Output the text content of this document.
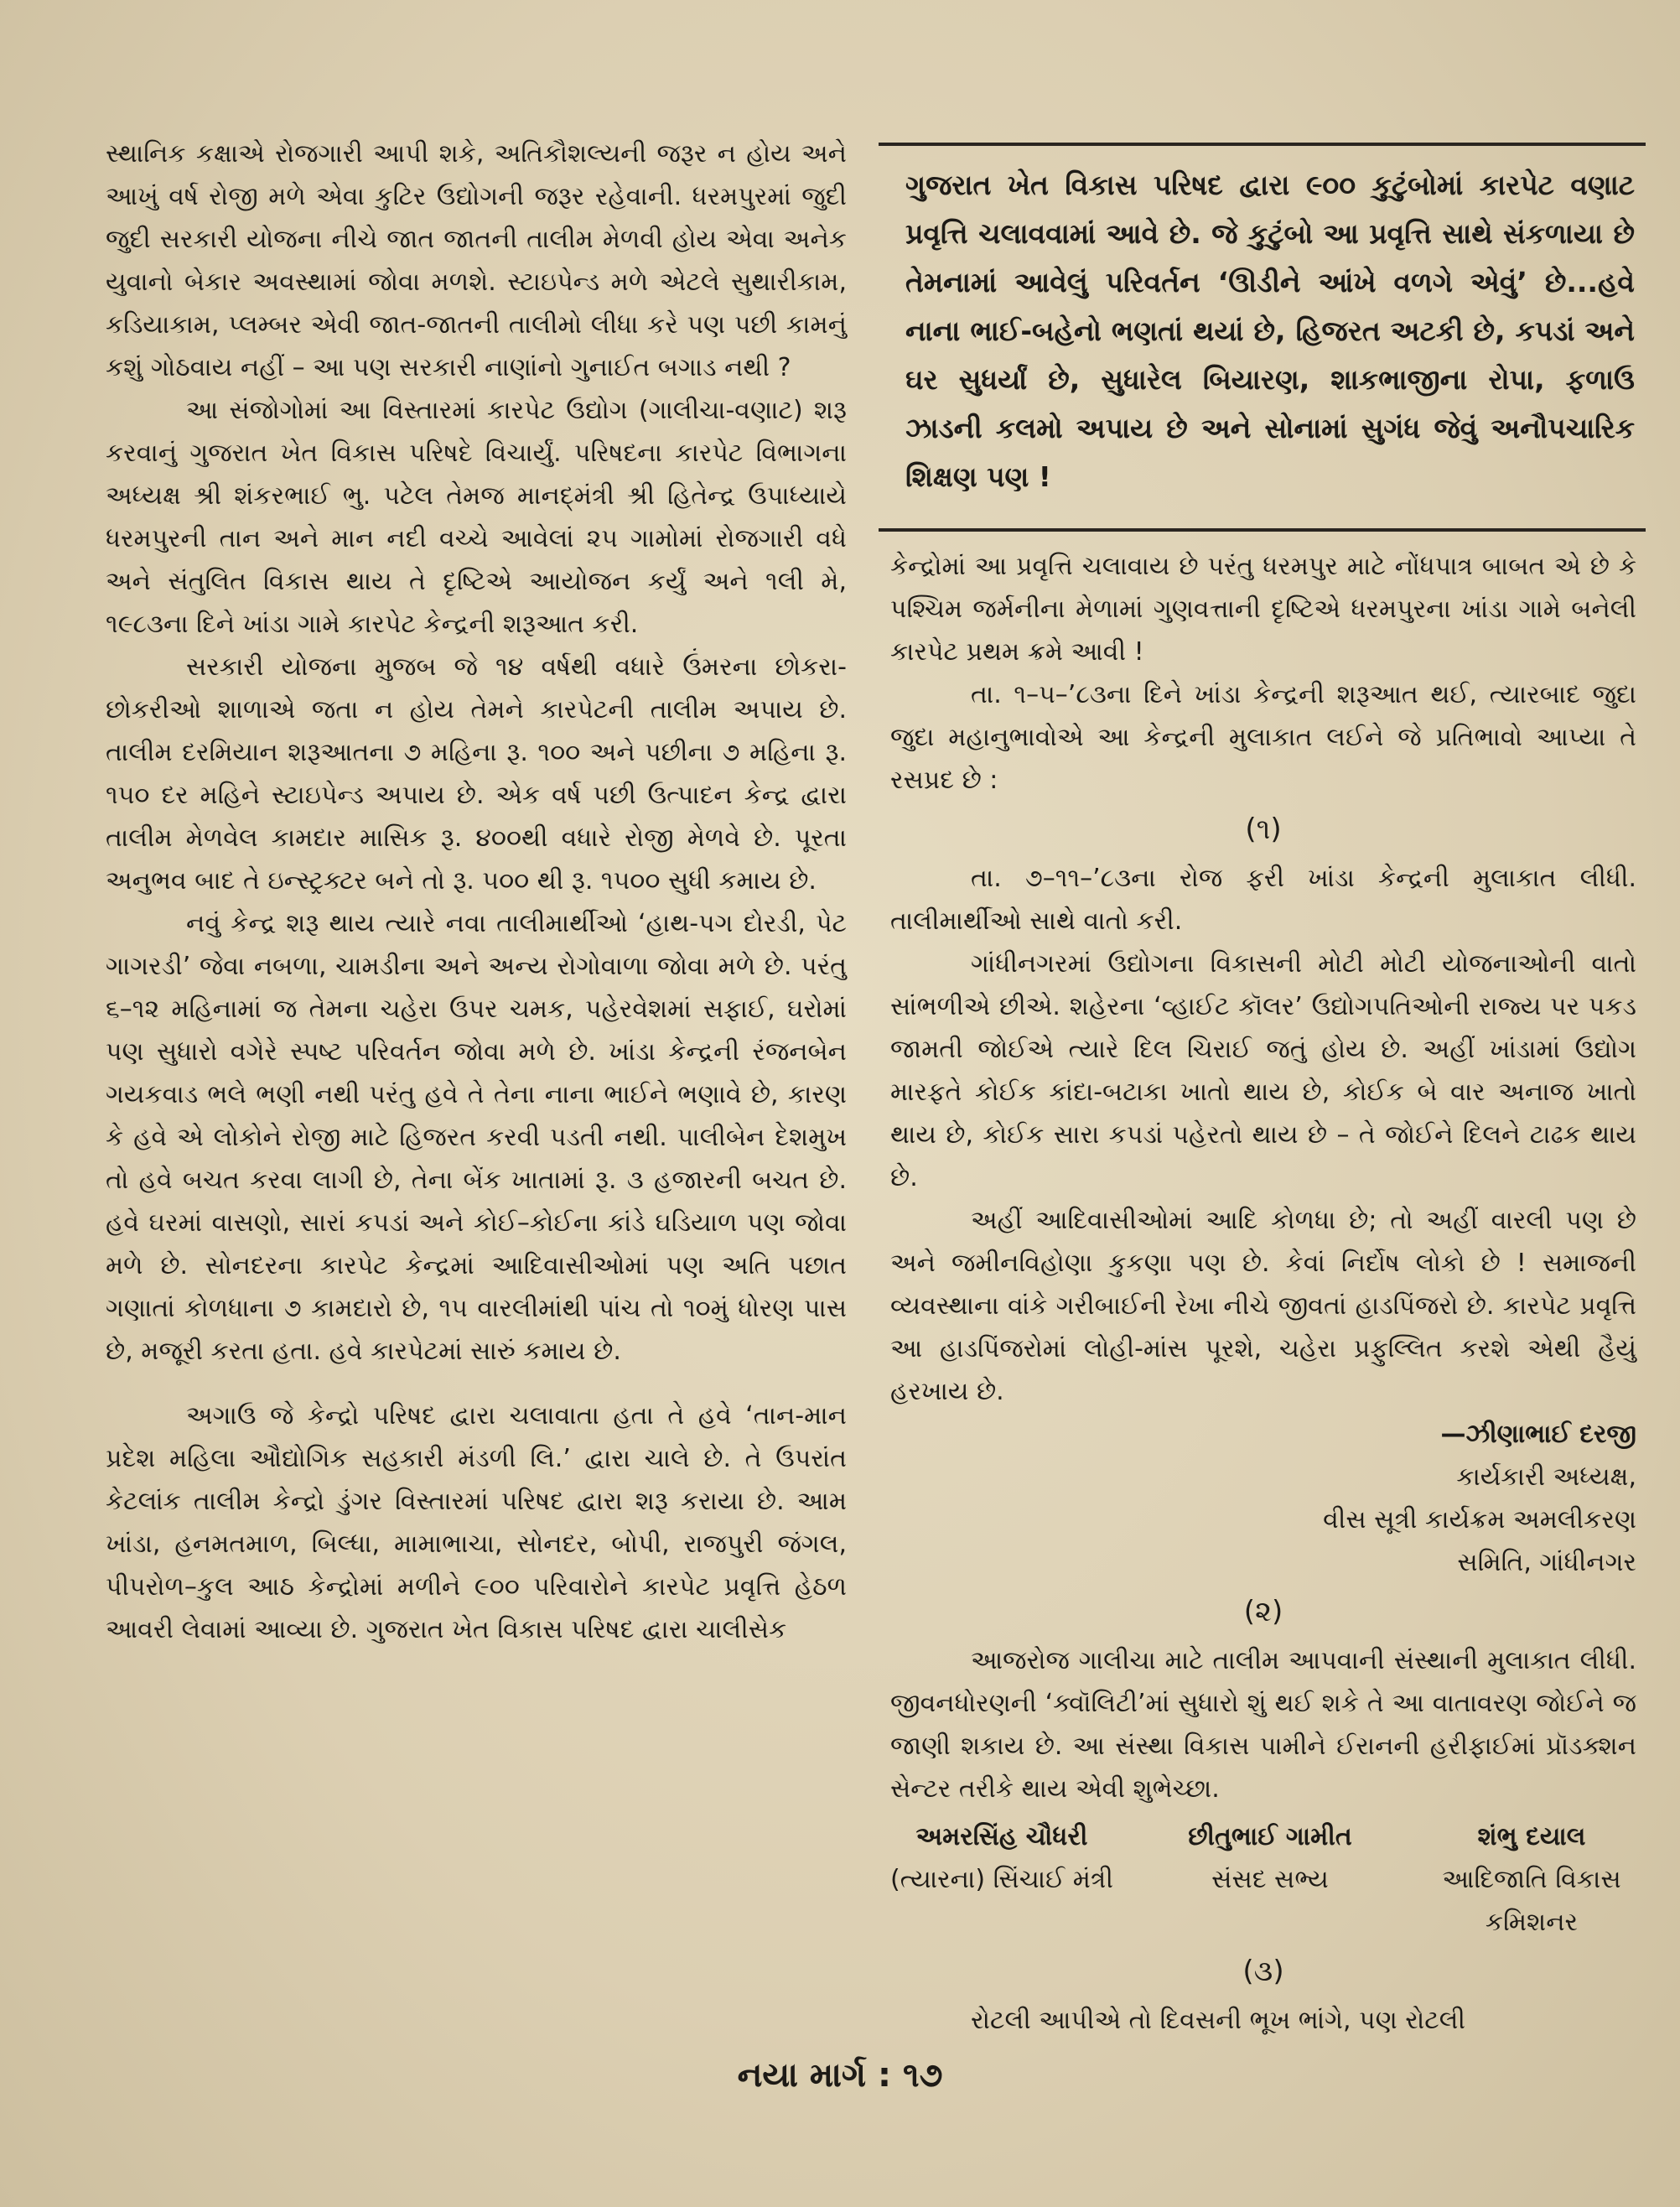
સ્થાનિક કક્ષાએ રોજગારી આપી શકે, અતિકૌશલ્યની જરૂર ન હોય અને આખું વર્ષ રોજી મળે એવા કુટિર ઉદ્યોગની જરૂર રહેવાની. ધરમપુરમાં જુદી જુદી સરકારી યોજના નીચે જાત જાતની તાલીમ મેળવી હોય એવા અનેક યુવાનો બેકાર અવસ્થામાં જોવા મળશે. સ્ટાઇપેન્ડ મળે એટલે સુથારીકામ, કડિયાકામ, પ્લમ્બર એવી જાત-જાતની તાલીમો લીધા કરે પણ પછી કામનું કશું ગોઠવાય નહીં – આ પણ સરકારી નાણાંનો ગુનાઈત બગાડ નથી ?

આ સંજોગોમાં આ વિસ્તારમાં કારપેટ ઉદ્યોગ (ગાલીચા-વણાટ) શરૂ કરવાનું ગુજરાત ખેત વિકાસ પરિષદે વિચાર્યું. પરિષદના કારપેટ વિભાગના અધ્યક્ષ શ્રી શંકરભાઈ ભુ. પટેલ તેમજ માનદ્‌મંત્રી શ્રી હિતેન્દ્ર ઉપાધ્યાયે ધરમપુરની તાન અને માન નદી વચ્ચે આવેલાં ૨૫ ગામોમાં રોજગારી વધે અને સંતુલિત વિકાસ થાય તે દૃષ્ટિએ આયોજન કર્યું અને ૧લી મે, ૧૯૮૩ના દિને ખાંડા ગામે કારપેટ કેન્દ્રની શરૂઆત કરી.

સરકારી યોજના મુજબ જે ૧૪ વર્ષથી વધારે ઉંમરના છોકરા-છોકરીઓ શાળાએ જતા ન હોય તેમને કારપેટની તાલીમ અપાય છે. તાલીમ દરમિયાન શરૂઆતના ૭ મહિના રૂ. ૧૦૦ અને પછીના ૭ મહિના રૂ. ૧૫૦ દર મહિને સ્ટાઇપેન્ડ અપાય છે. એક વર્ષ પછી ઉત્પાદન કેન્દ્ર દ્વારા તાલીમ મેળવેલ કામદાર માસિક રૂ. ૪૦૦થી વધારે રોજી મેળવે છે. પૂરતા અનુભવ બાદ તે ઇન્સ્ટ્રક્ટર બને તો રૂ. ૫૦૦ થી રૂ. ૧૫૦૦ સુધી કમાય છે.

નવું કેન્દ્ર શરૂ થાય ત્યારે નવા તાલીમાર્થીઓ ‘હાથ-પગ દોરડી, પેટ ગાગરડી’ જેવા નબળા, ચામડીના અને અન્ય રોગોવાળા જોવા મળે છે. પરંતુ ૬–૧૨ મહિનામાં જ તેમના ચહેરા ઉપર ચમક, પહેરવેશમાં સફાઈ, ઘરોમાં પણ સુધારો વગેરે સ્પષ્ટ પરિવર્તન જોવા મળે છે. ખાંડા કેન્દ્રની રંજનબેન ગયકવાડ ભલે ભણી નથી પરંતુ હવે તે તેના નાના ભાઈને ભણાવે છે, કારણ કે હવે એ લોકોને રોજી માટે હિજરત કરવી પડતી નથી. પાલીબેન દેશમુખ તો હવે બચત કરવા લાગી છે, તેના બેંક ખાતામાં રૂ. ૩ હજારની બચત છે. હવે ઘરમાં વાસણો, સારાં કપડાં અને કોઈ–કોઈના કાંડે ઘડિયાળ પણ જોવા મળે છે. સોનદરના કારપેટ કેન્દ્રમાં આદિવાસીઓમાં પણ અતિ પછાત ગણાતાં કોળધાના ૭ કામદારો છે, ૧૫ વારલીમાંથી પાંચ તો ૧૦મું ધોરણ પાસ છે, મજૂરી કરતા હતા. હવે કારપેટમાં સારું કમાય છે.

અગાઉ જે કેન્દ્રો પરિષદ દ્વારા ચલાવાતા હતા તે હવે ‘તાન-માન પ્રદેશ મહિલા ઔદ્યોગિક સહકારી મંડળી લિ.’ દ્વારા ચાલે છે. તે ઉપરાંત કેટલાંક તાલીમ કેન્દ્રો ડુંગર વિસ્તારમાં પરિષદ દ્વારા શરૂ કરાયા છે. આમ ખાંડા, હનમતમાળ, બિલ્ધા, મામાભાચા, સોનદર, બોપી, રાજપુરી જંગલ, પીપરોળ–કુલ આઠ કેન્દ્રોમાં મળીને ૯૦૦ પરિવારોને કારપેટ પ્રવૃત્તિ હેઠળ આવરી લેવામાં આવ્યા છે. ગુજરાત ખેત વિકાસ પરિષદ દ્વારા ચાલીસેક

ગુજરાત ખેત વિકાસ પરિષદ દ્વારા ૯૦૦ કુટુંબોમાં કારપેટ વણાટ પ્રવૃત્તિ ચલાવવામાં આવે છે. જે કુટુંબો આ પ્રવૃત્તિ સાથે સંકળાયા છે તેમનામાં આવેલું પરિવર્તન ‘ઊડીને આંખે વળગે એવું’ છે...હવે નાના ભાઈ-બહેનો ભણતાં થયાં છે, હિજરત અટકી છે, કપડાં અને ઘર સુધર્યાં છે, સુધારેલ બિયારણ, શાકભાજીના રોપા, ફળાઉ ઝાડની કલમો અપાય છે અને સોનામાં સુગંધ જેવું અનૌપચારિક શિક્ષણ પણ !

કેન્દ્રોમાં આ પ્રવૃત્તિ ચલાવાય છે પરંતુ ધરમપુર માટે નોંધપાત્ર બાબત એ છે કે પશ્ચિમ જર્મનીના મેળામાં ગુણવત્તાની દૃષ્ટિએ ધરમપુરના ખાંડા ગામે બનેલી કારપેટ પ્રથમ ક્રમે આવી !

તા. ૧–૫–’૮૩ના દિને ખાંડા કેન્દ્રની શરૂઆત થઈ, ત્યારબાદ જુદા જુદા મહાનુભાવોએ આ કેન્દ્રની મુલાકાત લઈને જે પ્રતિભાવો આપ્યા તે રસપ્રદ છે :

(૧)

તા. ૭–૧૧–’૮૩ના રોજ ફરી ખાંડા કેન્દ્રની મુલાકાત લીધી. તાલીમાર્થીઓ સાથે વાતો કરી.

ગાંધીનગરમાં ઉદ્યોગના વિકાસની મોટી મોટી યોજનાઓની વાતો સાંભળીએ છીએ. શહેરના ‘વ્હાઈટ કૉલર’ ઉદ્યોગપતિઓની રાજ્ય પર પકડ જામતી જોઈએ ત્યારે દિલ ચિરાઈ જતું હોય છે. અહીં ખાંડામાં ઉદ્યોગ મારફતે કોઈક કાંદા-બટાકા ખાતો થાય છે, કોઈક બે વાર અનાજ ખાતો થાય છે, કોઈક સારા કપડાં પહેરતો થાય છે – તે જોઈને દિલને ટાઢક થાય છે.

અહીં આદિવાસીઓમાં આદિ કોળધા છે; તો અહીં વારલી પણ છે અને જમીનવિહોણા કુકણા પણ છે. કેવાં નિર્દોષ લોકો છે ! સમાજની વ્યવસ્થાના વાંકે ગરીબાઈની રેખા નીચે જીવતાં હાડપિંજરો છે. કારપેટ પ્રવૃત્તિ આ હાડપિંજરોમાં લોહી-માંસ પૂરશે, ચહેરા પ્રફુલ્લિત કરશે એથી હૈયું હરખાય છે.

—ઝીણાભાઈ દરજી
કાર્યકારી અધ્યક્ષ,
વીસ સૂત્રી કાર્યક્રમ અમલીકરણ
સમિતિ, ગાંધીનગર
(૨)

આજરોજ ગાલીચા માટે તાલીમ આપવાની સંસ્થાની મુલાકાત લીધી. જીવનધોરણની ‘ક્વૉલિટી’માં સુધારો શું થઈ શકે તે આ વાતાવરણ જોઈને જ જાણી શકાય છે. આ સંસ્થા વિકાસ પામીને ઈરાનની હરીફાઈમાં પ્રૉડક્શન સેન્ટર તરીકે થાય એવી શુભેચ્છા.

અમરસિંહ ચૌધરી
(ત્યારના) સિંચાઈ મંત્રી
છીતુભાઈ ગામીત
સંસદ સભ્ય
શંભુ દયાલ
આદિજાતિ વિકાસ કમિશનર
(૩)

રોટલી આપીએ તો દિવસની ભૂખ ભાંગે, પણ રોટલી

નયા માર્ગ : ૧૭
